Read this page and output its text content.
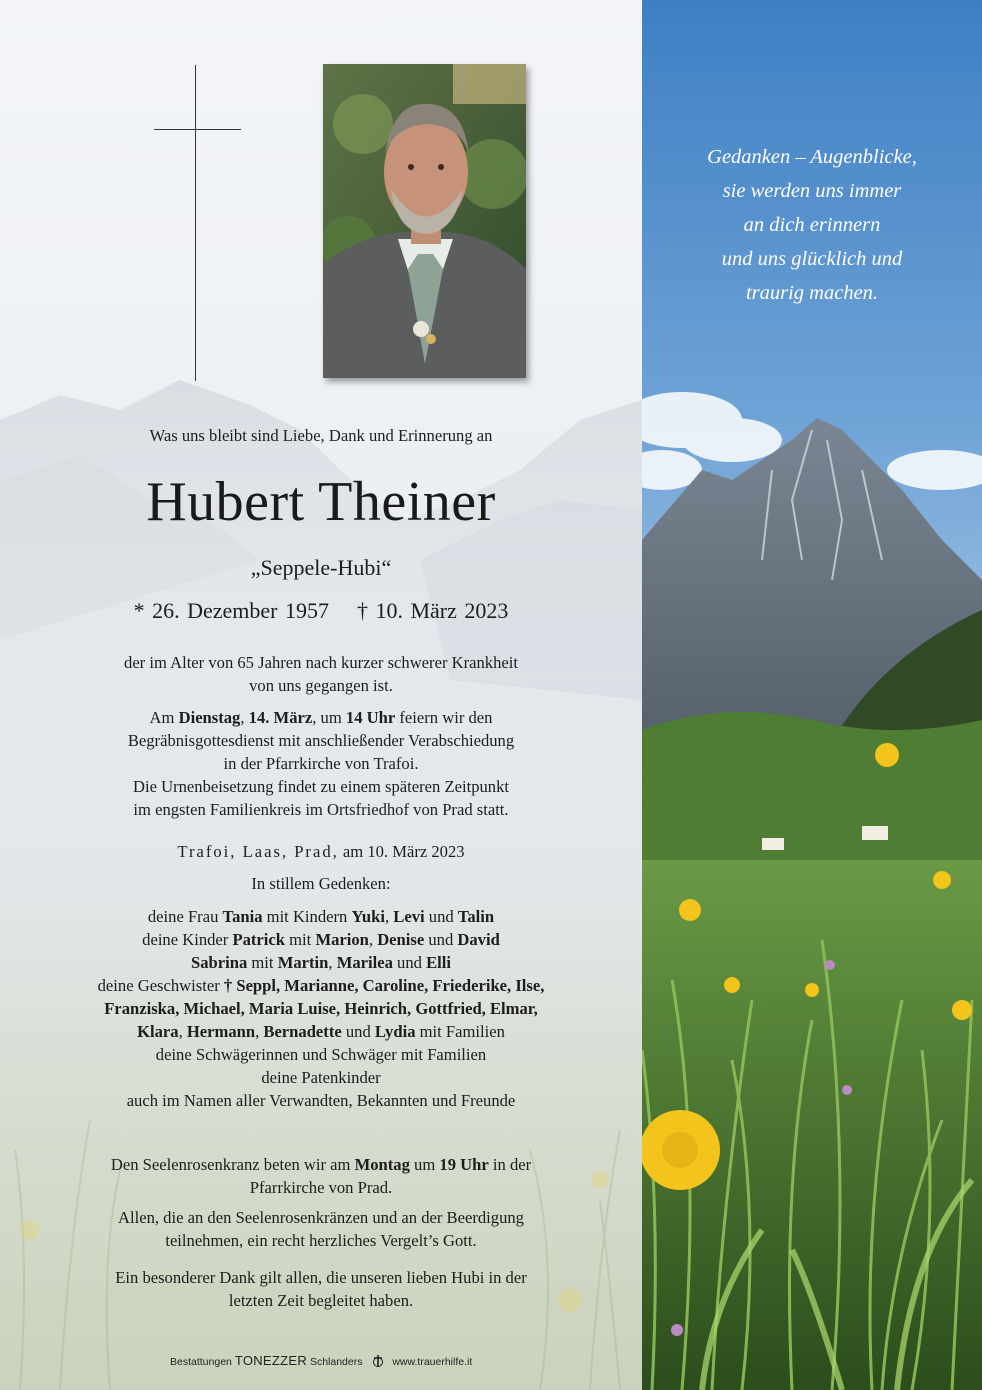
Was uns bleibt sind Liebe, Dank und Erinnerung an
Hubert Theiner
„Seppele-Hubi“
* 26. Dezember 1957 † 10. März 2023
der im Alter von 65 Jahren nach kurzer schwerer Krankheit
von uns gegangen ist.
Am Dienstag, 14. März, um 14 Uhr feiern wir den
Begräbnisgottesdienst mit anschließender Verabschiedung
in der Pfarrkirche von Trafoi.
Die Urnenbeisetzung findet zu einem späteren Zeitpunkt
im engsten Familienkreis im Ortsfriedhof von Prad statt.
Trafoi, Laas, Prad, am 10. März 2023
In stillem Gedenken:
deine Frau Tania mit Kindern Yuki, Levi und Talin
deine Kinder Patrick mit Marion, Denise und David
Sabrina mit Martin, Marilea und Elli
deine Geschwister † Seppl, Marianne, Caroline, Friederike, Ilse,
Franziska, Michael, Maria Luise, Heinrich, Gottfried, Elmar,
Klara, Hermann, Bernadette und Lydia mit Familien
deine Schwägerinnen und Schwäger mit Familien
deine Patenkinder
auch im Namen aller Verwandten, Bekannten und Freunde
Den Seelenrosenkranz beten wir am Montag um 19 Uhr in der
Pfarrkirche von Prad.
Allen, die an den Seelenrosenkränzen und an der Beerdigung
teilnehmen, ein recht herzliches Vergelt’s Gott.
Ein besonderer Dank gilt allen, die unseren lieben Hubi in der
letzten Zeit begleitet haben.
Bestattungen TONEZZER Schlanders	www.trauerhilfe.it
Gedanken – Augenblicke,
sie werden uns immer
an dich erinnern
und uns glücklich und
traurig machen.
